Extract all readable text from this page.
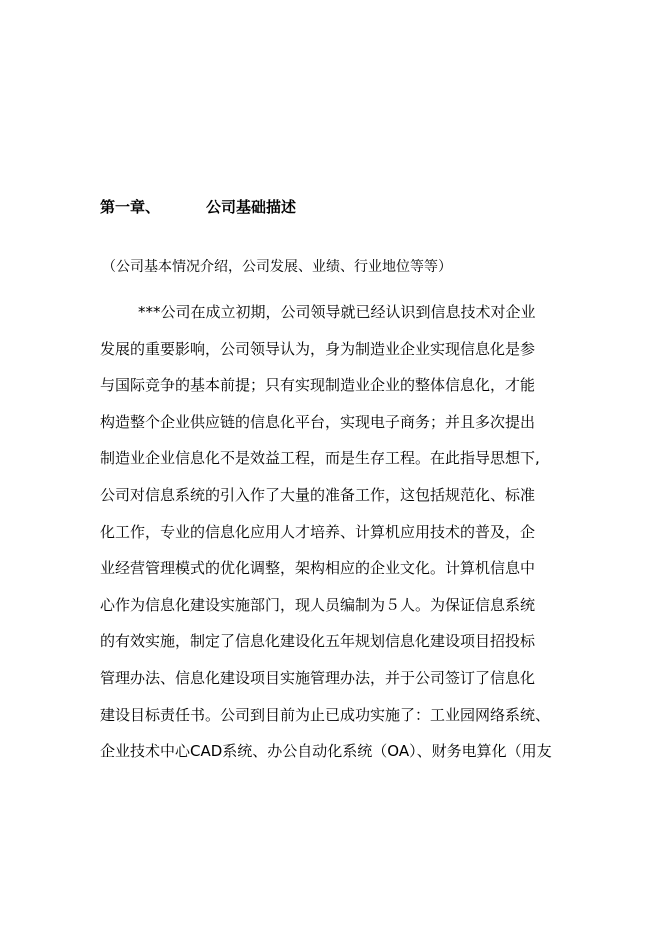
第一章、	公司基础描述
（公司基本情况介绍，公司发展、业绩、行业地位等等）
***公司在成立初期，公司领导就已经认识到信息技术对企业
发展的重要影响，公司领导认为，身为制造业企业实现信息化是参
与国际竞争的基本前提；只有实现制造业企业的整体信息化，才能
构造整个企业供应链的信息化平台，实现电子商务；并且多次提出
制造业企业信息化不是效益工程，而是生存工程。在此指导思想下,
公司对信息系统的引入作了大量的准备工作，这包括规范化、标准
化工作，专业的信息化应用人才培养、计算机应用技术的普及，企
业经营管理模式的优化调整，架构相应的企业文化。计算机信息中
心作为信息化建设实施部门，现人员编制为５人。为保证信息系统
的有效实施，制定了信息化建设化五年规划信息化建设项目招投标
管理办法、信息化建设项目实施管理办法，并于公司签订了信息化
建设目标责任书。公司到目前为止已成功实施了：工业园网络系统、
企业技术中心CAD系统、办公自动化系统（OA）、财务电算化（用友
